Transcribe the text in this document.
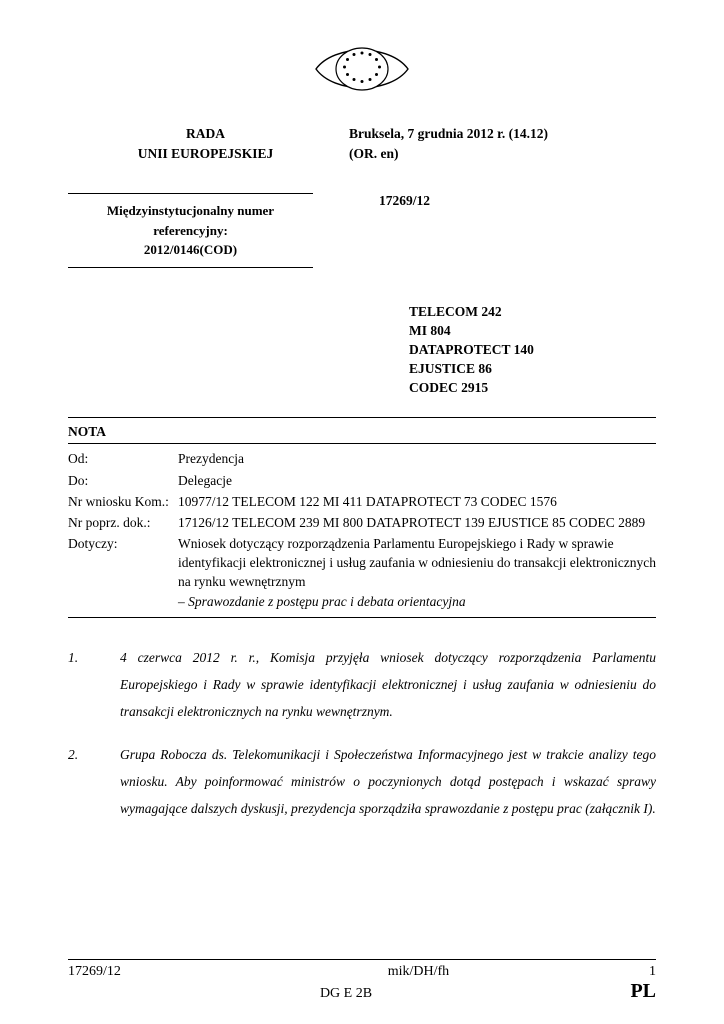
RADA
UNII EUROPEJSKIEJ
Bruksela, 7 grudnia 2012 r. (14.12)
(OR. en)
Międzyinstytucjonalny numer
referencyjny:
2012/0146(COD)
17269/12
TELECOM 242
MI 804
DATAPROTECT 140
EJUSTICE 86
CODEC 2915
NOTA
Od:	Prezydencja
Do:	Delegacje
Nr wniosku Kom.: 10977/12 TELECOM 122 MI 411 DATAPROTECT 73 CODEC 1576
Nr poprz. dok.:	17126/12 TELECOM 239 MI 800 DATAPROTECT 139 EJUSTICE 85 CODEC 2889
Dotyczy:	Wniosek dotyczący rozporządzenia Parlamentu Europejskiego i Rady w sprawie identyfikacji elektronicznej i usług zaufania w odniesieniu do transakcji elektronicznych na rynku wewnętrznym
– Sprawozdanie z postępu prac i debata orientacyjna
1.	4 czerwca 2012 r. r., Komisja przyjęła wniosek dotyczący rozporządzenia Parlamentu Europejskiego i Rady w sprawie identyfikacji elektronicznej i usług zaufania w odniesieniu do transakcji elektronicznych na rynku wewnętrznym.
2.	Grupa Robocza ds. Telekomunikacji i Społeczeństwa Informacyjnego jest w trakcie analizy tego wniosku. Aby poinformować ministrów o poczynionych dotąd postępach i wskazać sprawy wymagające dalszych dyskusji, prezydencja sporządziła sprawozdanie z postępu prac (załącznik I).
17269/12	mik/DH/fh	1
DG E 2B	PL
